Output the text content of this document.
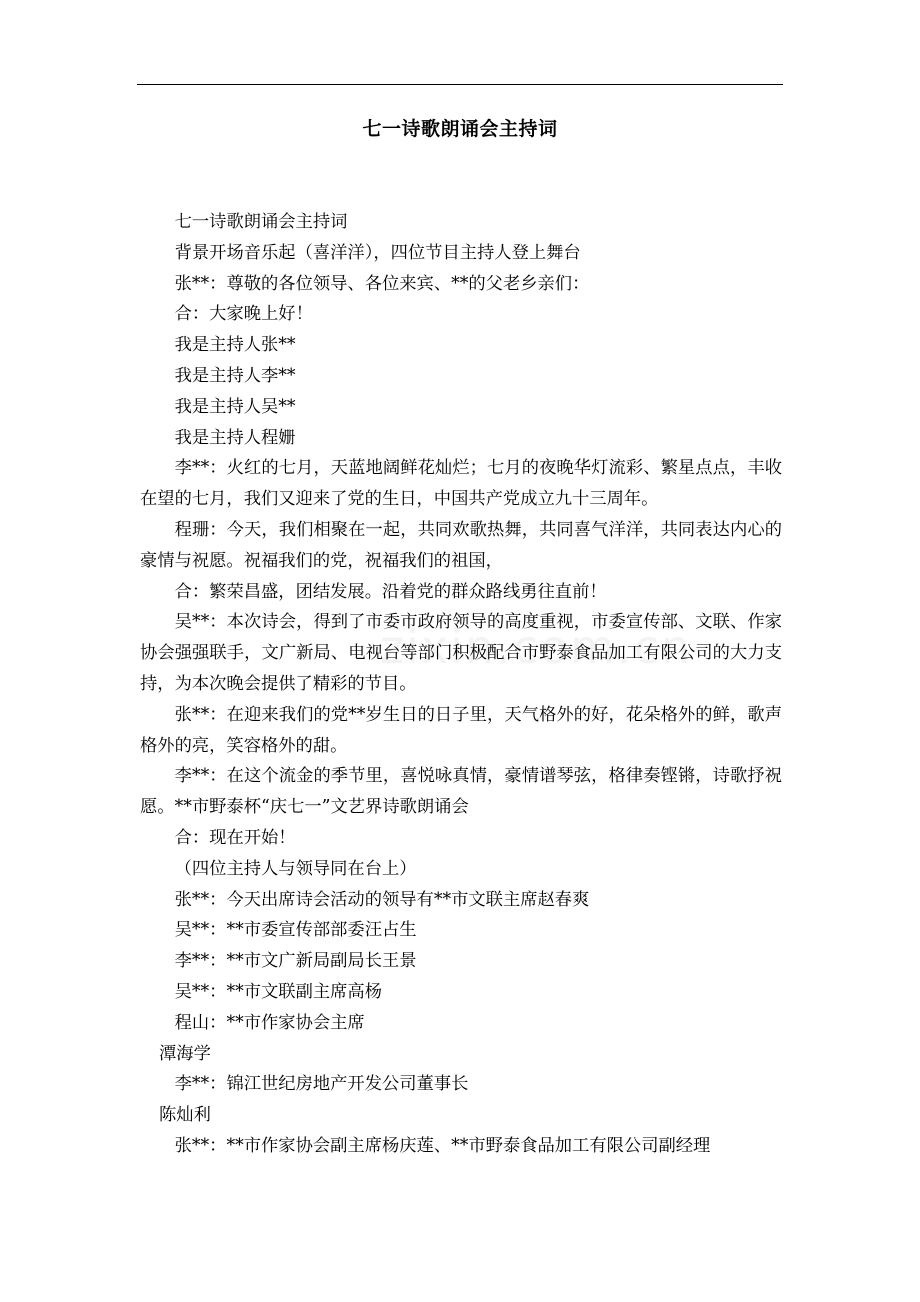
七一诗歌朗诵会主持词

七一诗歌朗诵会主持词

背景开场音乐起（喜洋洋），四位节目主持人登上舞台

张**：尊敬的各位领导、各位来宾、**的父老乡亲们：

合：大家晚上好！

我是主持人张**

我是主持人李**

我是主持人吴**

我是主持人程姗

李**：火红的七月，天蓝地阔鲜花灿烂；七月的夜晚华灯流彩、繁星点点，丰收在望的七月，我们又迎来了党的生日，中国共产党成立九十三周年。

程珊：今天，我们相聚在一起，共同欢歌热舞，共同喜气洋洋，共同表达内心的豪情与祝愿。祝福我们的党，祝福我们的祖国，

合：繁荣昌盛，团结发展。沿着党的群众路线勇往直前！

吴**：本次诗会，得到了市委市政府领导的高度重视，市委宣传部、文联、作家协会强强联手，文广新局、电视台等部门积极配合市野泰食品加工有限公司的大力支持，为本次晚会提供了精彩的节目。

张**：在迎来我们的党**岁生日的日子里，天气格外的好，花朵格外的鲜，歌声格外的亮，笑容格外的甜。

李**：在这个流金的季节里，喜悦咏真情，豪情谱琴弦，格律奏铿锵，诗歌抒祝愿。**市野泰杯“庆七一”文艺界诗歌朗诵会

合：现在开始！

（四位主持人与领导同在台上）

张**：今天出席诗会活动的领导有**市文联主席赵春爽

吴**：**市委宣传部部委汪占生

李**：**市文广新局副局长王景

吴**：**市文联副主席高杨

程山：**市作家协会主席

潭海学

李**：锦江世纪房地产开发公司董事长

陈灿利

张**：**市作家协会副主席杨庆莲、**市野泰食品加工有限公司副经理
